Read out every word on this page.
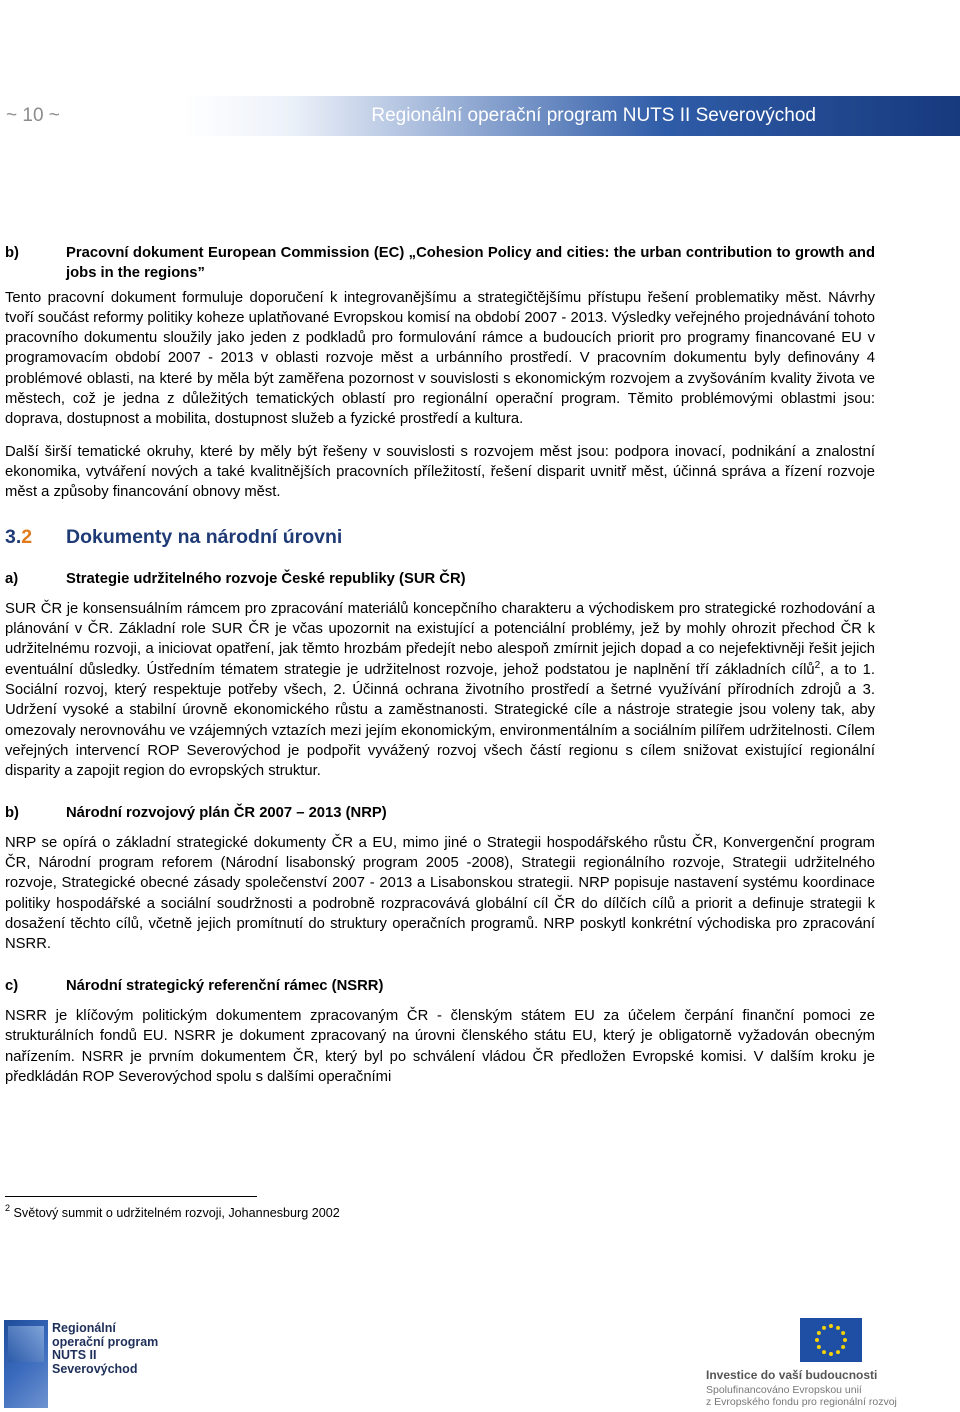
~ 10 ~	Regionální operační program NUTS II Severovýchod

b)	Pracovní dokument European Commission (EC) „Cohesion Policy and cities: the urban contribution to growth and jobs in the regions”

Tento pracovní dokument formuluje doporučení k integrovanějšímu a strategičtějšímu přístupu řešení problematiky měst. Návrhy tvoří součást reformy politiky koheze uplatňované Evropskou komisí na období 2007 - 2013. Výsledky veřejného projednávání tohoto pracovního dokumentu sloužily jako jeden z podkladů pro formulování rámce a budoucích priorit pro programy financované EU v programovacím období 2007 - 2013 v oblasti rozvoje měst a urbánního prostředí. V pracovním dokumentu byly definovány 4 problémové oblasti, na které by měla být zaměřena pozornost v souvislosti s ekonomickým rozvojem a zvyšováním kvality života ve městech, což je jedna z důležitých tematických oblastí pro regionální operační program. Těmito problémovými oblastmi jsou: doprava, dostupnost a mobilita, dostupnost služeb a fyzické prostředí a kultura.

Další širší tematické okruhy, které by měly být řešeny v souvislosti s rozvojem měst jsou: podpora inovací, podnikání a znalostní ekonomika, vytváření nových a také kvalitnějších pracovních příležitostí, řešení disparit uvnitř měst, účinná správa a řízení rozvoje měst a způsoby financování obnovy měst.

3.2 Dokumenty na národní úrovni

a)	Strategie udržitelného rozvoje České republiky (SUR ČR)

SUR ČR je konsensuálním rámcem pro zpracování materiálů koncepčního charakteru a východiskem pro strategické rozhodování a plánování v ČR. Základní role SUR ČR je včas upozornit na existující a potenciální problémy, jež by mohly ohrozit přechod ČR k udržitelnému rozvoji, a iniciovat opatření, jak těmto hrozbám předejít nebo alespoň zmírnit jejich dopad a co nejefektivněji řešit jejich eventuální důsledky. Ústředním tématem strategie je udržitelnost rozvoje, jehož podstatou je naplnění tří základních cílů$^2$, a to 1. Sociální rozvoj, který respektuje potřeby všech, 2. Účinná ochrana životního prostředí a šetrné využívání přírodních zdrojů a 3. Udržení vysoké a stabilní úrovně ekonomického růstu a zaměstnanosti. Strategické cíle a nástroje strategie jsou voleny tak, aby omezovaly nerovnováhu ve vzájemných vztazích mezi jejím ekonomickým, environmentálním a sociálním pilířem udržitelnosti. Cílem veřejných intervencí ROP Severovýchod je podpořit vyvážený rozvoj všech částí regionu s cílem snižovat existující regionální disparity a zapojit region do evropských struktur.

b)	Národní rozvojový plán ČR 2007 – 2013 (NRP)

NRP se opírá o základní strategické dokumenty ČR a EU, mimo jiné o Strategii hospodářského růstu ČR, Konvergenční program ČR, Národní program reforem (Národní lisabonský program 2005 -2008), Strategii regionálního rozvoje, Strategii udržitelného rozvoje, Strategické obecné zásady společenství 2007 - 2013 a Lisabonskou strategii. NRP popisuje nastavení systému koordinace politiky hospodářské a sociální soudržnosti a podrobně rozpracovává globální cíl ČR do dílčích cílů a priorit a definuje strategii k dosažení těchto cílů, včetně jejich promítnutí do struktury operačních programů. NRP poskytl konkrétní východiska pro zpracování NSRR.

c)	Národní strategický referenční rámec (NSRR)

NSRR je klíčovým politickým dokumentem zpracovaným ČR - členským státem EU za účelem čerpání finanční pomoci ze strukturálních fondů EU. NSRR je dokument zpracovaný na úrovni členského státu EU, který je obligatorně vyžadován obecným nařízením. NSRR je prvním dokumentem ČR, který byl po schválení vládou ČR předložen Evropské komisi. V dalším kroku je předkládán ROP Severovýchod spolu s dalšími operačními

$^2$ Světový summit o udržitelném rozvoji, Johannesburg 2002
Regionální
operační program
NUTS II Severovýchod	Investice do vaší budoucnosti
Spolufinancováno Evropskou unií
z Evropského fondu pro regionální rozvoj
